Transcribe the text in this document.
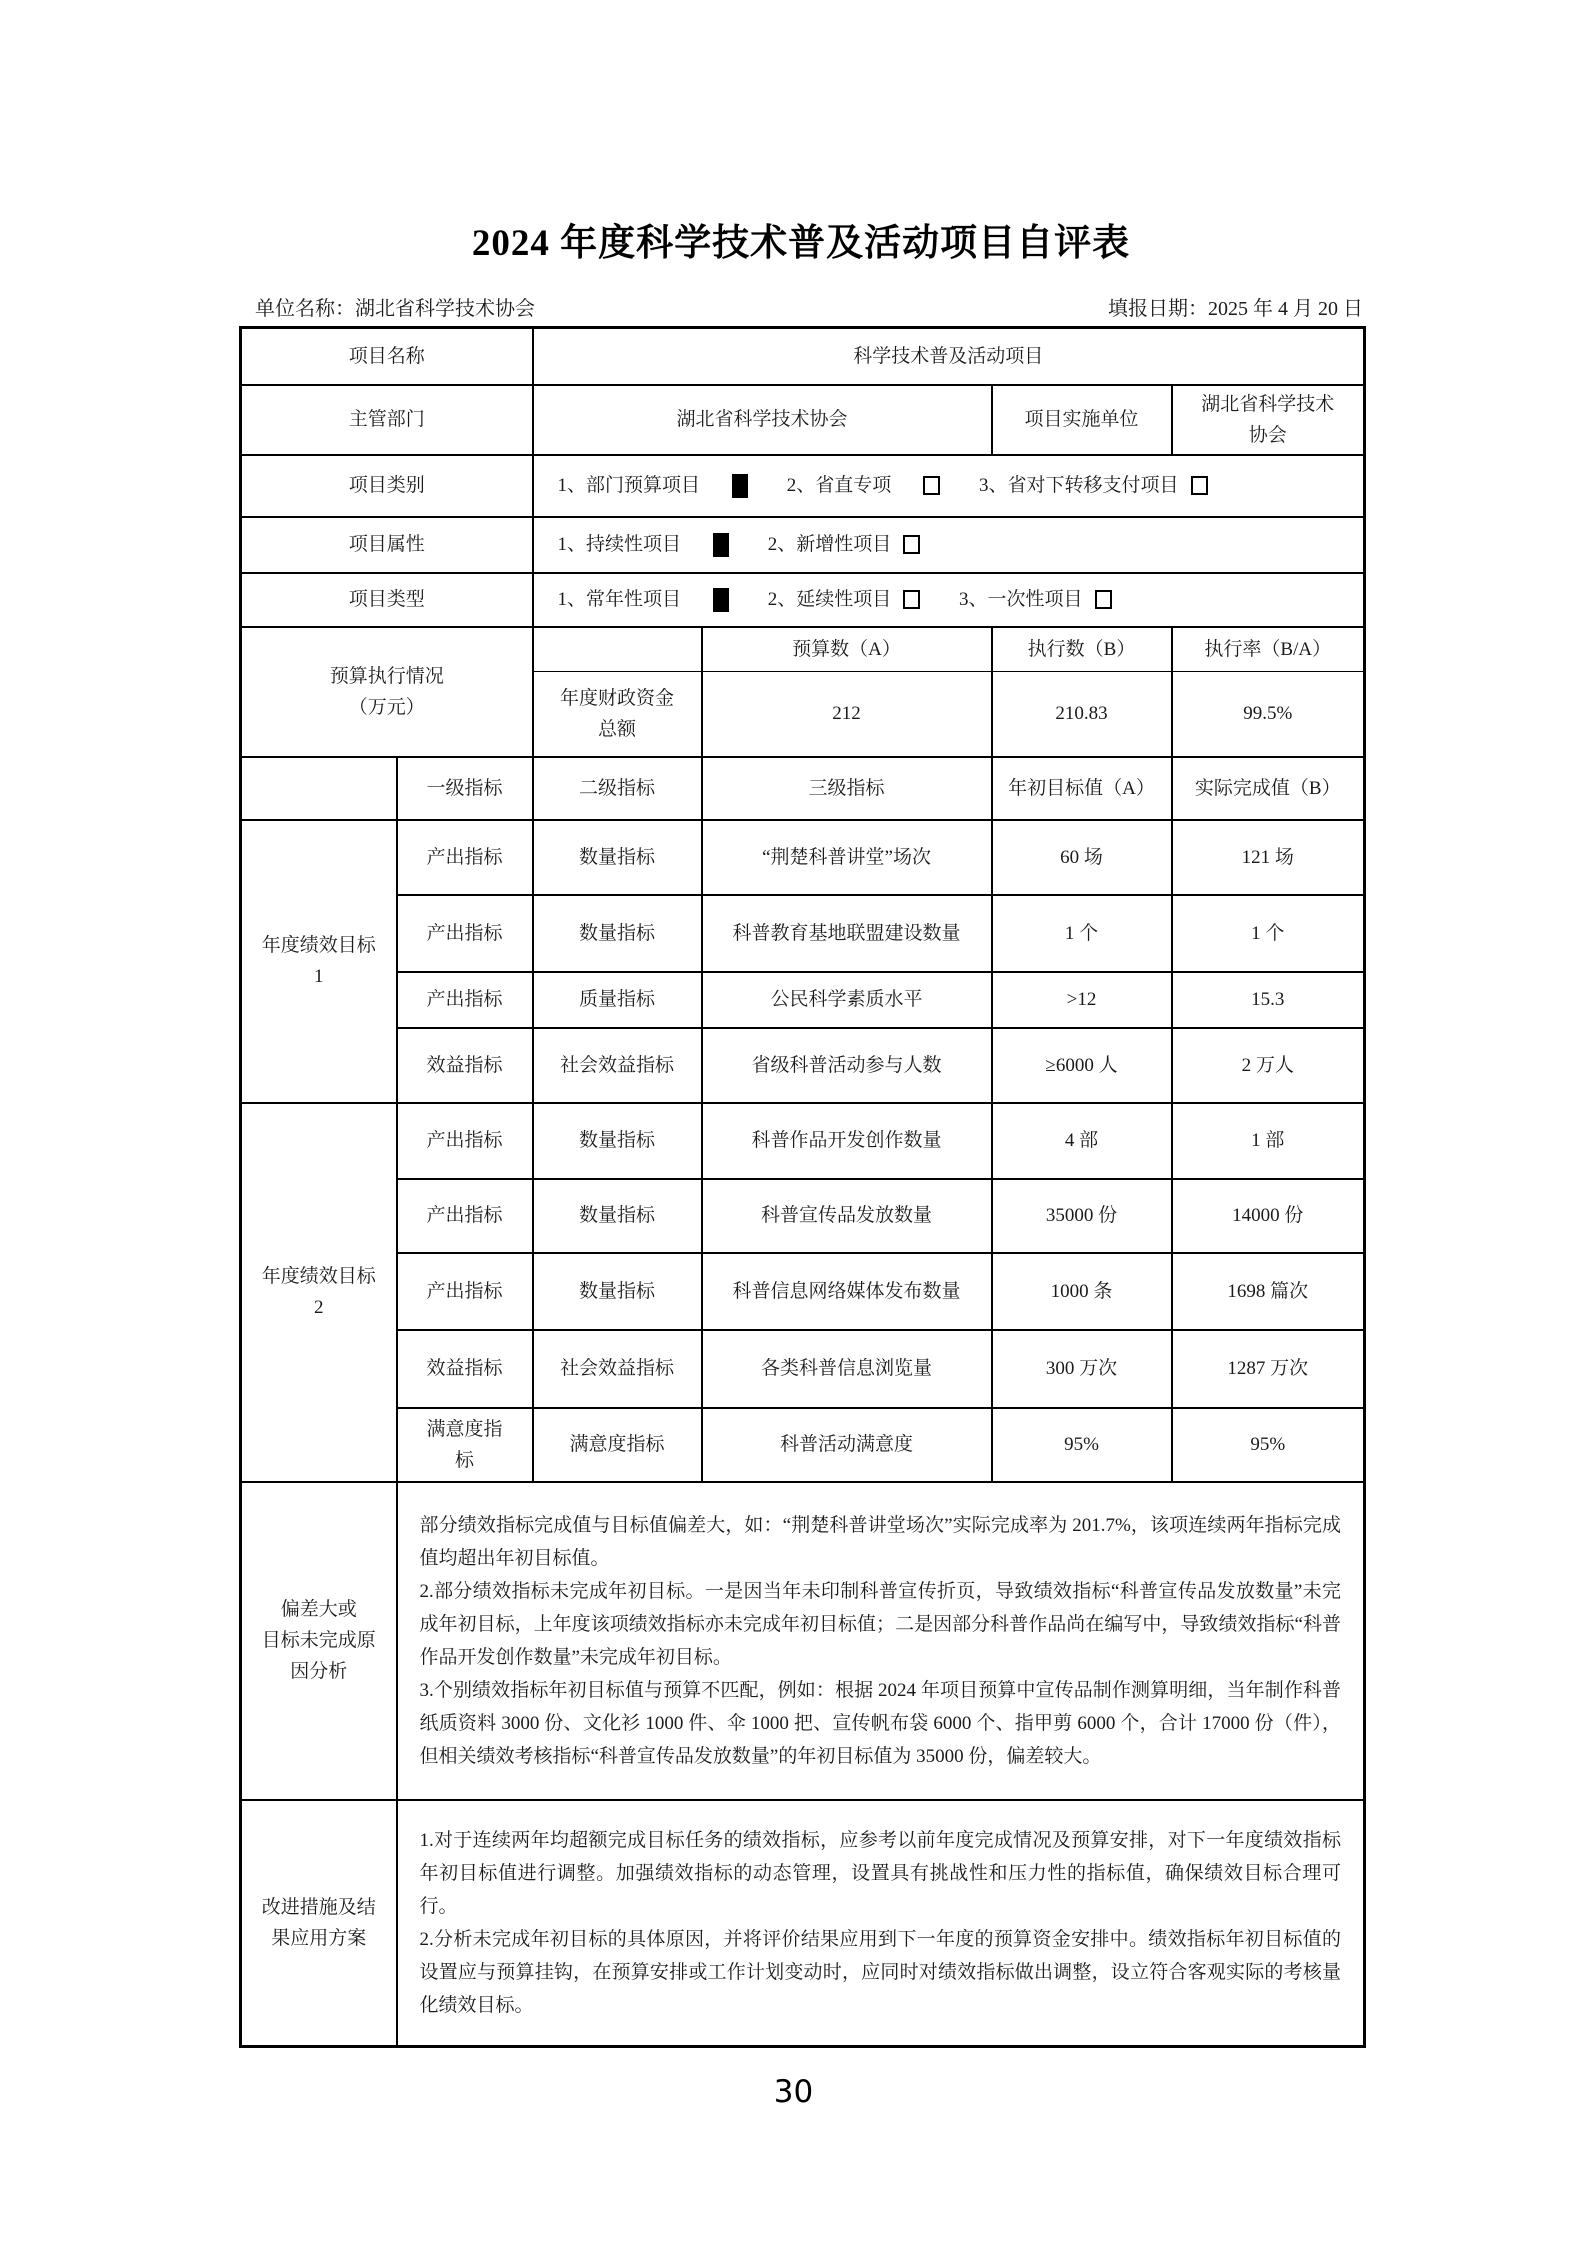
2024 年度科学技术普及活动项目自评表
单位名称：湖北省科学技术协会	填报日期：2025 年 4 月 20 日
项目名称		科学技术普及活动项目			
主管部门		湖北省科学技术协会		项目实施单位	湖北省科学技术
协会

项目类别		1、部门预算项目
2、省直专项
3、省对下转移支付项目			

项目属性		1、持续性项目
2、新增性项目			

项目类型		1、常年性项目
2、延续性项目
3、一次性项目			

预算执行情况
（万元）			预算数（A）	执行数（B）	执行率（B/A）

		年度财政资金
总额	212	210.83	99.5%
	一级指标	二级指标	三级指标	年初目标值（A）	实际完成值（B）

年度绩效目标
1	产出指标	数量指标	“荆楚科普讲堂”场次	60 场	121 场
	产出指标	数量指标	科普教育基地联盟建设数量	1 个	1 个
	产出指标	质量指标	公民科学素质水平	>12	15.3
	效益指标	社会效益指标	省级科普活动参与人数	≥6000 人	2 万人

年度绩效目标
2	产出指标	数量指标	科普作品开发创作数量	4 部	1 部
	产出指标	数量指标	科普宣传品发放数量	35000 份	14000 份
	产出指标	数量指标	科普信息网络媒体发布数量	1000 条	1698 篇次
	效益指标	社会效益指标	各类科普信息浏览量	300 万次	1287 万次

	满意度指
标	满意度指标	科普活动满意度	95%	95%

偏差大或
目标未完成原
因分析

部分绩效指标完成值与目标值偏差大，如：“荆楚科普讲堂场次”实际完成率为 201.7%，该项连续两年指标完成值均超出年初目标值。
2.部分绩效指标未完成年初目标。一是因当年未印制科普宣传折页，导致绩效指标“科普宣传品发放数量”未完成年初目标，上年度该项绩效指标亦未完成年初目标值；二是因部分科普作品尚在编写中，导致绩效指标“科普作品开发创作数量”未完成年初目标。
3.个别绩效指标年初目标值与预算不匹配，例如：根据 2024 年项目预算中宣传品制作测算明细，当年制作科普纸质资料 3000 份、文化衫 1000 件、伞 1000 把、宣传帆布袋 6000 个、指甲剪 6000 个，合计 17000 份（件），但相关绩效考核指标“科普宣传品发放数量”的年初目标值为 35000 份，偏差较大。

改进措施及结
果应用方案

1.对于连续两年均超额完成目标任务的绩效指标，应参考以前年度完成情况及预算安排，对下一年度绩效指标年初目标值进行调整。加强绩效指标的动态管理，设置具有挑战性和压力性的指标值，确保绩效目标合理可行。
2.分析未完成年初目标的具体原因，并将评价结果应用到下一年度的预算资金安排中。绩效指标年初目标值的设置应与预算挂钩，在预算安排或工作计划变动时，应同时对绩效指标做出调整，设立符合客观实际的考核量化绩效目标。
30
